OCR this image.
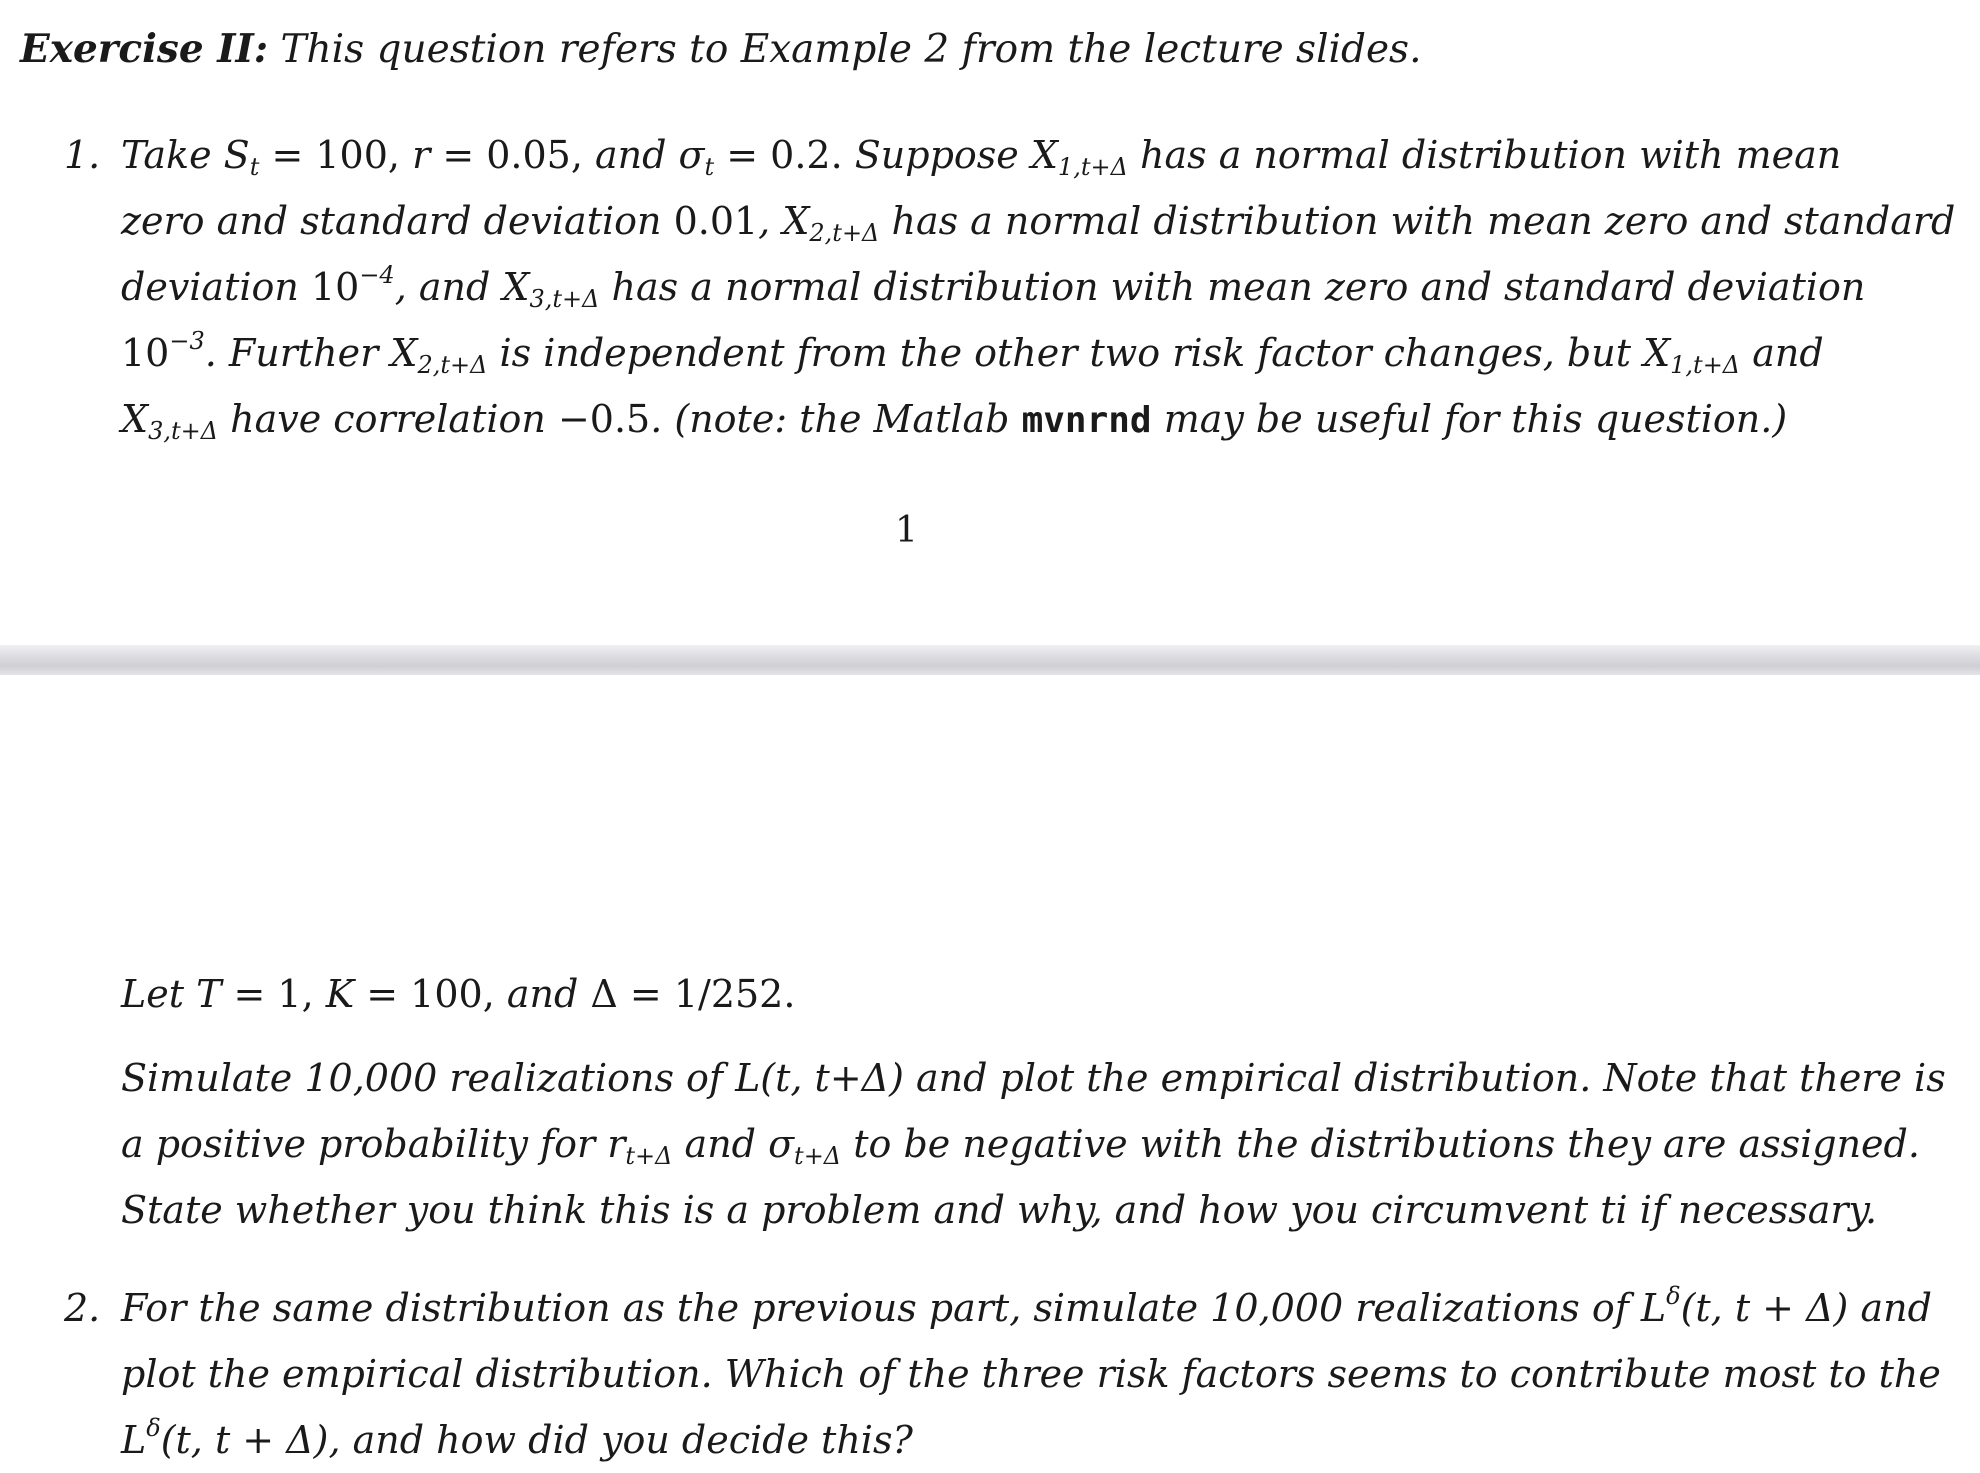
Exercise II: This question refers to Example 2 from the lecture slides.
1. Take $S_t = 100$, r = 0.05, and $\sigma_t = 0.2$. Suppose $X_{1,t+\Delta}$ has a normal distribution with mean
zero and standard deviation 0.01, $X_{2,t+\Delta}$ has a normal distribution with mean zero and standard
deviation $10^{-4}$, and $X_{3,t+\Delta}$ has a normal distribution with mean zero and standard deviation
$10^{-3}$. Further $X_{2,t+\Delta}$ is independent from the other two risk factor changes, but $X_{1,t+\Delta}$ and
$X_{3,t+\Delta}$ have correlation −0.5. (note: the Matlab mvnrnd may be useful for this question.)
1
Let T = 1, K = 100, and Δ = 1/252.
Simulate 10,000 realizations of L(t, t+Δ) and plot the empirical distribution. Note that there is
a positive probability for $r_{t+\Delta}$ and $\sigma_{t+\Delta}$ to be negative with the distributions they are assigned.
State whether you think this is a problem and why, and how you circumvent ti if necessary.
2. For the same distribution as the previous part, simulate 10,000 realizations of $L^\delta(t$, t + Δ) and
plot the empirical distribution. Which of the three risk factors seems to contribute most to the
$L^\delta(t$, t + Δ), and how did you decide this?
